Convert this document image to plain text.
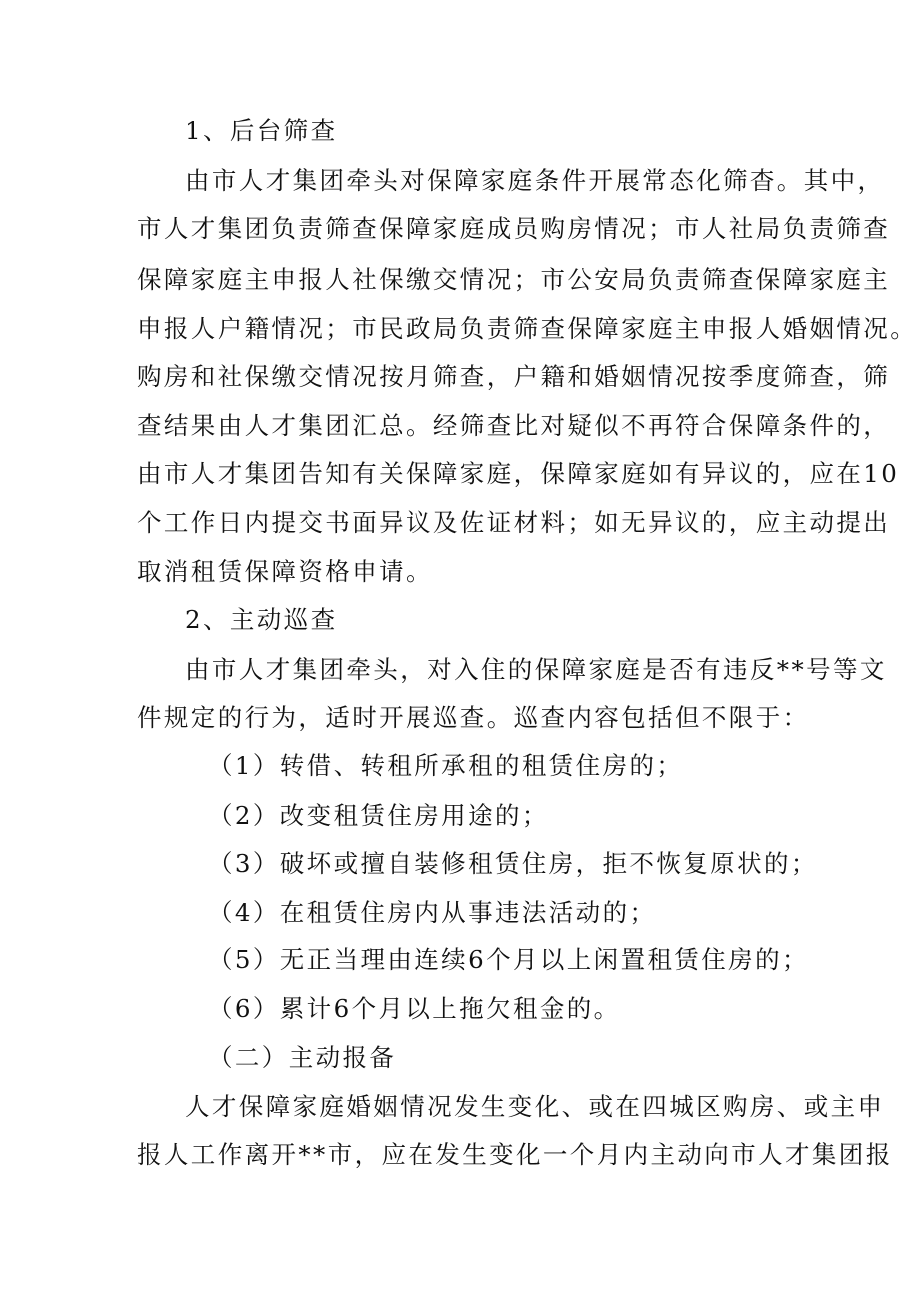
1、后台筛查
由市人才集团牵头对保障家庭条件开展常态化筛杳。其中，
市人才集团负责筛查保障家庭成员购房情况；市人社局负责筛查
保障家庭主申报人社保缴交情况；市公安局负责筛查保障家庭主
申报人户籍情况；市民政局负责筛查保障家庭主申报人婚姻情况。
购房和社保缴交情况按月筛查，户籍和婚姻情况按季度筛查，筛
查结果由人才集团汇总。经筛查比对疑似不再符合保障条件的，
由市人才集团告知有关保障家庭，保障家庭如有异议的，应在10
个工作日内提交书面异议及佐证材料；如无异议的，应主动提出
取消租赁保障资格申请。
2、主动巡查
由市人才集团牵头，对入住的保障家庭是否有违反**号等文
件规定的行为，适时开展巡查。巡查内容包括但不限于：
（1）转借、转租所承租的租赁住房的；
（2）改变租赁住房用途的；
（3）破坏或擅自装修租赁住房，拒不恢复原状的；
（4）在租赁住房内从事违法活动的；
（5）无正当理由连续6个月以上闲置租赁住房的；
（6）累计6个月以上拖欠租金的。
（二）主动报备
人才保障家庭婚姻情况发生变化、或在四城区购房、或主申
报人工作离开**市，应在发生变化一个月内主动向市人才集团报
